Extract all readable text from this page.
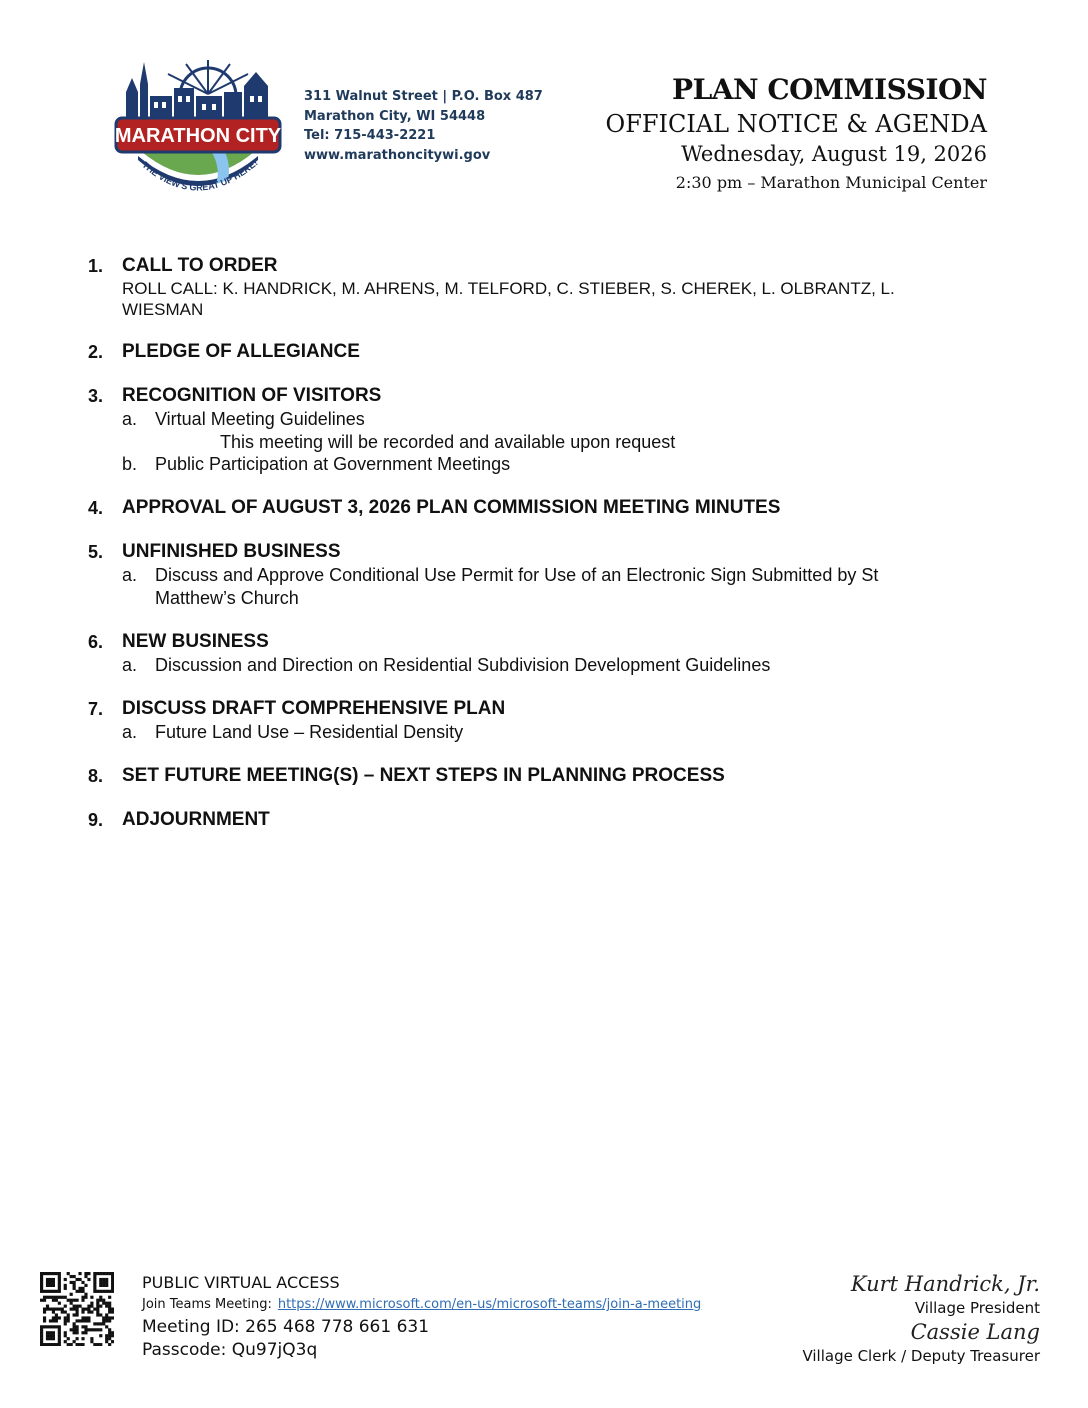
MARATHON CITY
THE VIEW'S GREAT UP HERE!
311 Walnut Street | P.O. Box 487
Marathon City, WI 54448
Tel: 715-443-2221
www.marathoncitywi.gov
PLAN COMMISSION
OFFICIAL NOTICE & AGENDA
Wednesday, August 19, 2026
2:30 pm – Marathon Municipal Center
1. CALL TO ORDER
ROLL CALL: K. HANDRICK, M. AHRENS, M. TELFORD, C. STIEBER, S. CHEREK, L. OLBRANTZ, L. WIESMAN
2. PLEDGE OF ALLEGIANCE
3. RECOGNITION OF VISITORS
a. Virtual Meeting Guidelines
This meeting will be recorded and available upon request
b. Public Participation at Government Meetings
4. APPROVAL OF AUGUST 3, 2026 PLAN COMMISSION MEETING MINUTES
5. UNFINISHED BUSINESS
a. Discuss and Approve Conditional Use Permit for Use of an Electronic Sign Submitted by St Matthew’s Church
6. NEW BUSINESS
a. Discussion and Direction on Residential Subdivision Development Guidelines
7. DISCUSS DRAFT COMPREHENSIVE PLAN
a. Future Land Use – Residential Density
8. SET FUTURE MEETING(S) – NEXT STEPS IN PLANNING PROCESS
9. ADJOURNMENT
PUBLIC VIRTUAL ACCESS
Join Teams Meeting: https://www.microsoft.com/en-us/microsoft-teams/join-a-meeting
Meeting ID: 265 468 778 661 631
Passcode: Qu97jQ3q
Kurt Handrick, Jr.
Village President
Cassie Lang
Village Clerk / Deputy Treasurer
